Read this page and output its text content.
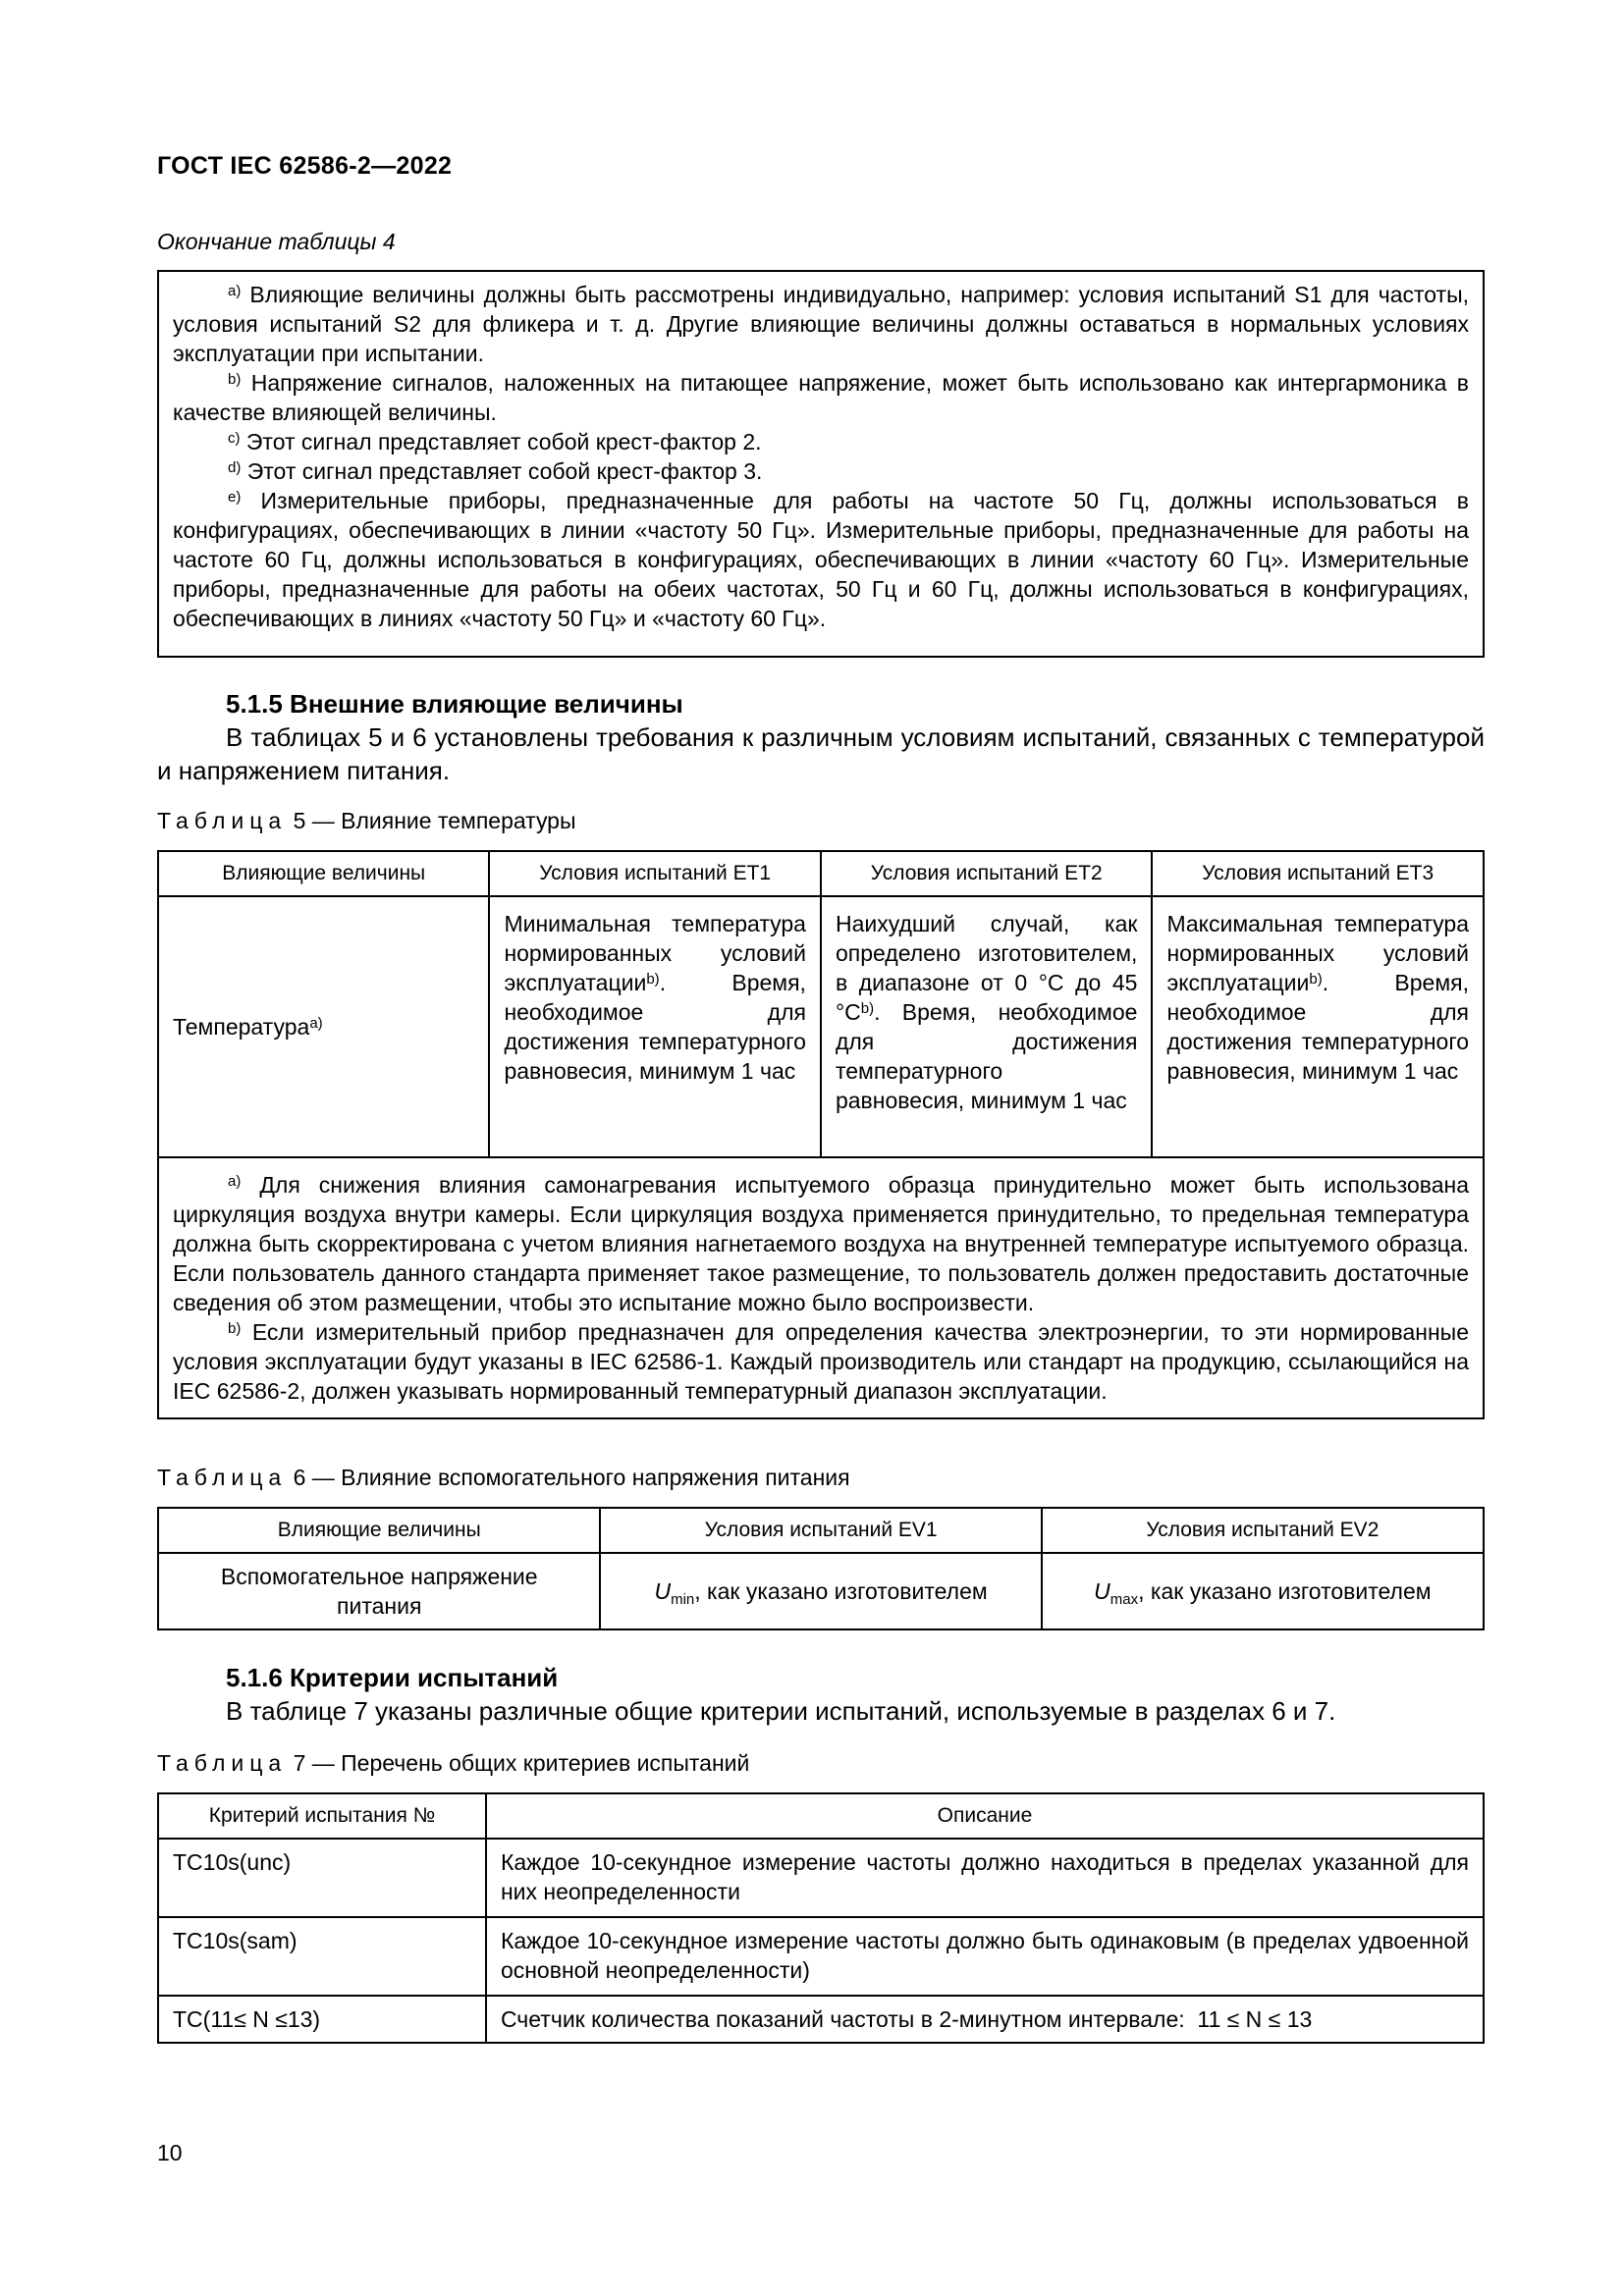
ГОСТ IEC 62586-2—2022
Окончание таблицы 4

$^{a)}$ Влияющие величины должны быть рассмотрены индивидуально, например: условия испытаний S1 для частоты, условия испытаний S2 для фликера и т. д. Другие влияющие величины должны оставаться в нормальных условиях эксплуатации при испытании.

$^{b)}$ Напряжение сигналов, наложенных на питающее напряжение, может быть использовано как интергармоника в качестве влияющей величины.

$^{c)}$ Этот сигнал представляет собой крест-фактор 2.

$^{d)}$ Этот сигнал представляет собой крест-фактор 3.

$^{e)}$ Измерительные приборы, предназначенные для работы на частоте 50 Гц, должны использоваться в конфигурациях, обеспечивающих в линии «частоту 50 Гц». Измерительные приборы, предназначенные для работы на частоте 60 Гц, должны использоваться в конфигурациях, обеспечивающих в линии «частоту 60 Гц». Измерительные приборы, предназначенные для работы на обеих частотах, 50 Гц и 60 Гц, должны использоваться в конфигурациях, обеспечивающих в линиях «частоту 50 Гц» и «частоту 60 Гц».

5.1.5 Внешние влияющие величины

В таблицах 5 и 6 установлены требования к различным условиям испытаний, связанных с температурой и напряжением питания.

Таблица 5 — Влияние температуры
Влияющие величины	Условия испытаний ET1	Условия испытаний ET2	Условия испытаний ET3
Температура$^{a)}$	Минимальная температура нормированных условий эксплуатации$^{b)}$. Время, необходимое для достижения температурного равновесия, минимум 1 час	Наихудший случай, как определено изготовителем, в диапазоне от 0 °C до 45 $^\circ C^{b)}$. Время, необходимое для достижения температурного равновесия, минимум 1 час	Максимальная температура нормированных условий эксплуатации$^{b)}$. Время, необходимое для достижения температурного равновесия, минимум 1 час

$^{a)}$ Для снижения влияния самонагревания испытуемого образца принудительно может быть использована циркуляция воздуха внутри камеры. Если циркуляция воздуха применяется принудительно, то предельная температура должна быть скорректирована с учетом влияния нагнетаемого воздуха на внутренней температуре испытуемого образца. Если пользователь данного стандарта применяет такое размещение, то пользователь должен предоставить достаточные сведения об этом размещении, чтобы это испытание можно было воспроизвести.

$^{b)}$ Если измерительный прибор предназначен для определения качества электроэнергии, то эти нормированные условия эксплуатации будут указаны в IEC 62586-1. Каждый производитель или стандарт на продукцию, ссылающийся на IEC 62586-2, должен указывать нормированный температурный диапазон эксплуатации.			

Таблица 6 — Влияние вспомогательного напряжения питания
Влияющие величины	Условия испытаний EV1	Условия испытаний EV2
Вспомогательное напряжение питания	$U_{min}$, как указано изготовителем	$U_{max}$, как указано изготовителем
5.1.6 Критерии испытаний

В таблице 7 указаны различные общие критерии испытаний, используемые в разделах 6 и 7.

Таблица 7 — Перечень общих критериев испытаний
Критерий испытания №	Описание
TC10s(unc)	Каждое 10-секундное измерение частоты должно находиться в пределах указанной для них неопределенности
TC10s(sam)	Каждое 10-секундное измерение частоты должно быть одинаковым (в пределах удвоенной основной неопределенности)
TC(11≤ N ≤13)	Счетчик количества показаний частоты в 2-минутном интервале:  11 ≤ N ≤ 13
10
